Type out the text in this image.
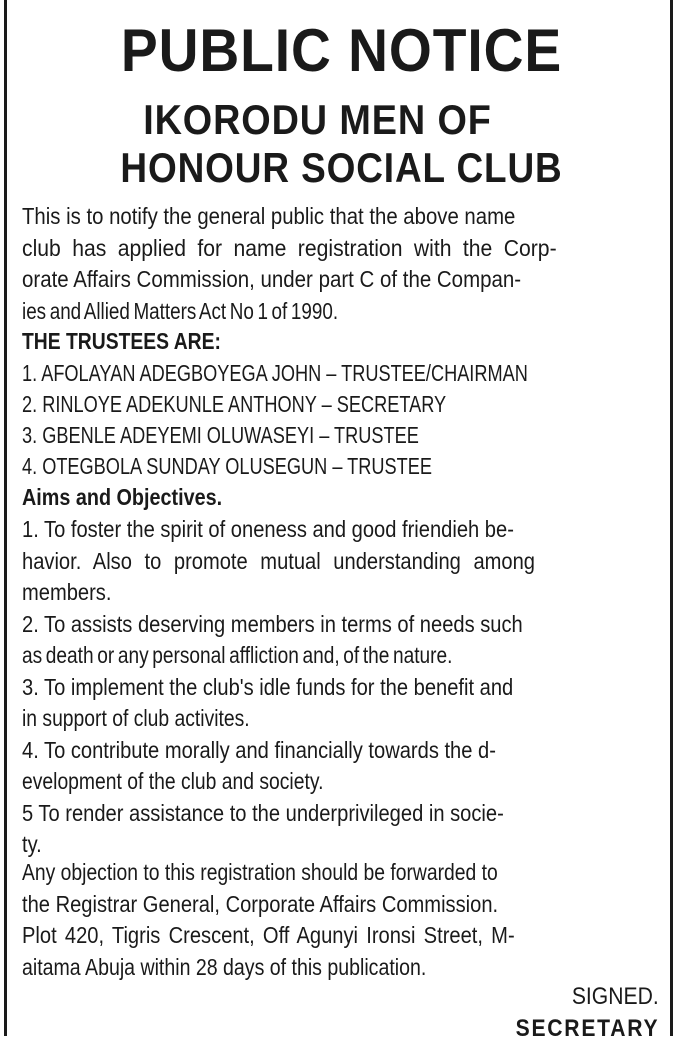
PUBLIC NOTICE
IKORODU MEN OF
HONOUR SOCIAL CLUB
This is to notify the general public that the above name
club has applied for name registration with the Corp-
orate Affairs Commission, under part C of the Compan-
ies and Allied Matters Act No 1 of 1990.
THE TRUSTEES ARE:
1. AFOLAYAN ADEGBOYEGA JOHN – TRUSTEE/CHAIRMAN
2. RINLOYE ADEKUNLE ANTHONY – SECRETARY
3. GBENLE ADEYEMI OLUWASEYI – TRUSTEE
4. OTEGBOLA SUNDAY OLUSEGUN – TRUSTEE
Aims and Objectives.
1. To foster the spirit of oneness and good friendieh be-
havior. Also to promote mutual understanding among
members.
2. To assists deserving members in terms of needs such
as death or any personal affliction and, of the nature.
3. To implement the club's idle funds for the benefit and
in support of club activites.
4. To contribute morally and financially towards the d-
evelopment of the club and society.
5 To render assistance to the underprivileged in socie-
ty.
Any objection to this registration should be forwarded to
the Registrar General, Corporate Affairs Commission.
Plot 420, Tigris Crescent, Off Agunyi Ironsi Street, M-
aitama Abuja within 28 days of this publication.
SIGNED.
SECRETARY
